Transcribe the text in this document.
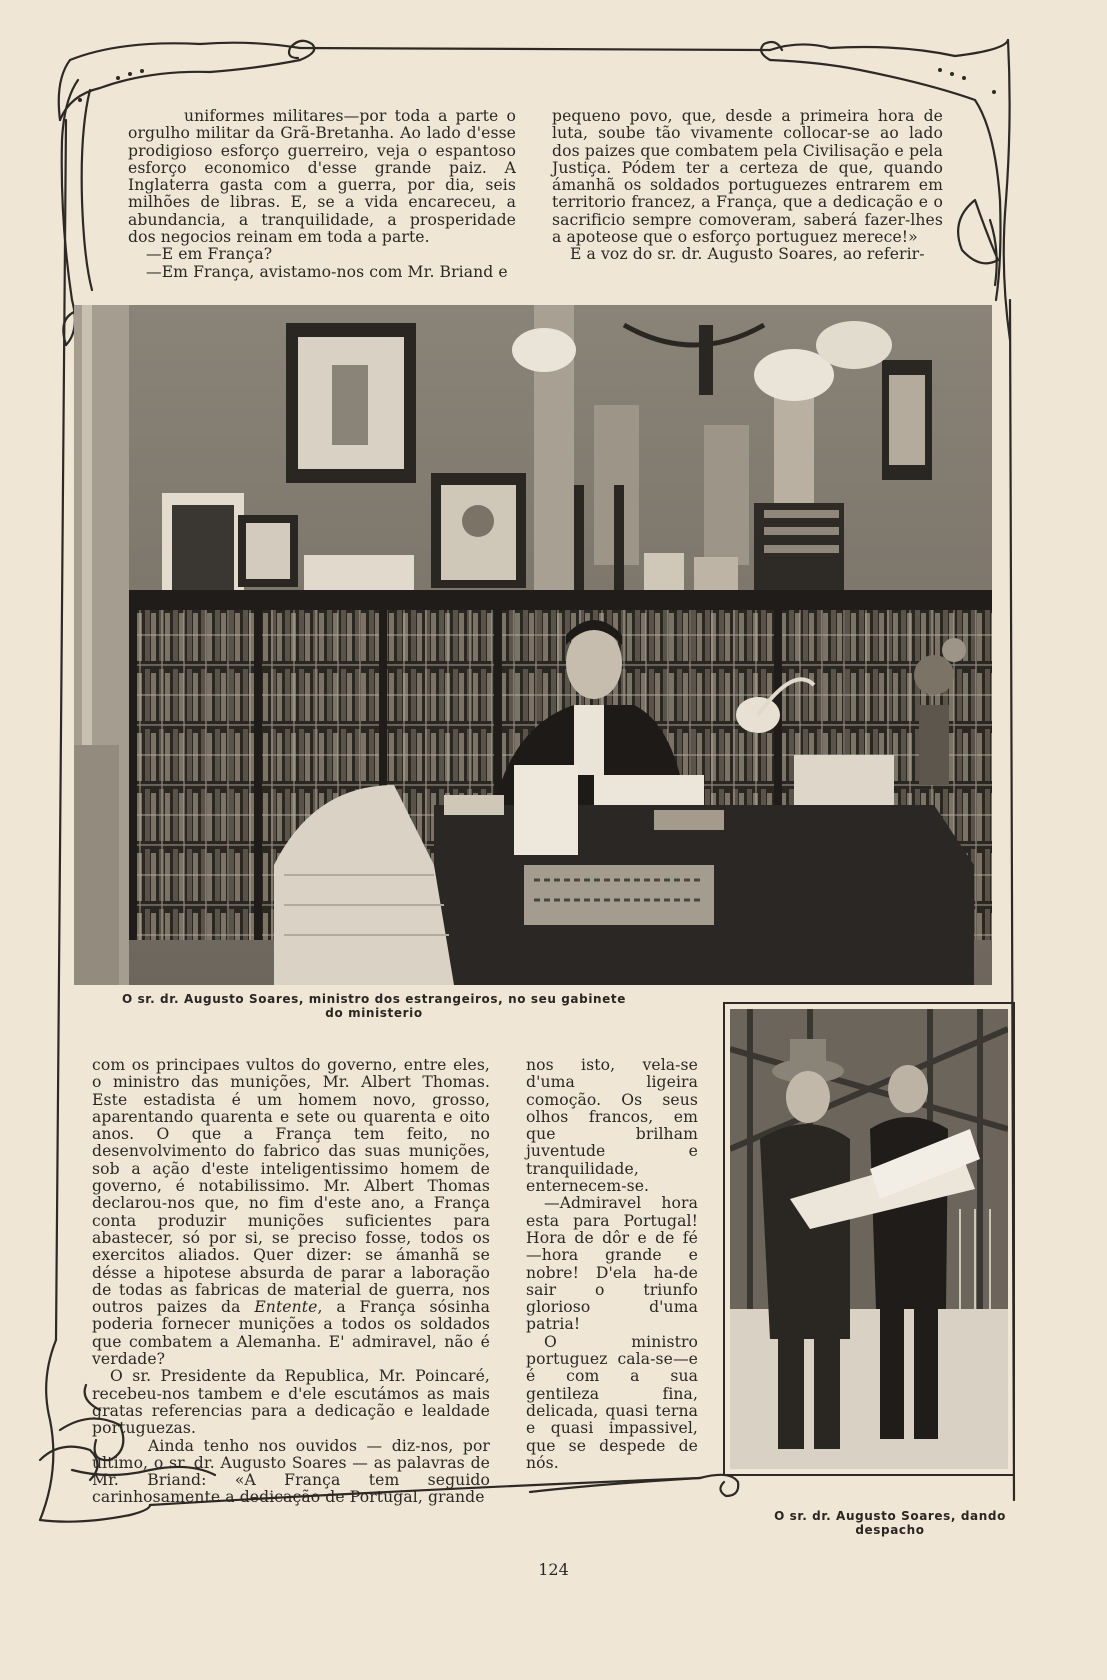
uniformes militares—por toda a parte o orgulho militar da Grã-Bretanha. Ao lado d'esse prodigioso esforço guerreiro, veja o espantoso esforço economico d'esse grande paiz. A Inglaterra gasta com a guerra, por dia, seis milhões de libras. E, se a vida encareceu, a abundancia, a tranquilidade, a prosperidade dos negocios reinam em toda a parte.

—E em França?

—Em França, avistamo-nos com Mr. Briand e

pequeno povo, que, desde a primeira hora de luta, soube tão vivamente collocar-se ao lado dos paizes que combatem pela Civilisação e pela Justiça. Pódem ter a certeza de que, quando ámanhã os soldados portuguezes entrarem em territorio francez, a França, que a dedicação e o sacrificio sempre comoveram, saberá fazer-lhes a apoteose que o esforço portuguez merece!»

E a voz do sr. dr. Augusto Soares, ao referir-

O sr. dr. Augusto Soares, ministro dos estrangeiros, no seu gabinete
do ministerio

com os principaes vultos do governo, entre eles, o ministro das munições, Mr. Albert Thomas. Este estadista é um homem novo, grosso, aparentando quarenta e sete ou quarenta e oito anos. O que a França tem feito, no desenvolvimento do fabrico das suas munições, sob a ação d'este inteligentissimo homem de governo, é notabilissimo. Mr. Albert Thomas declarou-nos que, no fim d'este ano, a França conta produzir munições suficientes para abastecer, só por si, se preciso fosse, todos os exercitos aliados. Quer dizer: se ámanhã se désse a hipotese absurda de parar a laboração de todas as fabricas de material de guerra, nos outros paizes da Entente, a França sósinha poderia fornecer munições a todos os soldados que combatem a Alemanha. E' admiravel, não é verdade?

O sr. Presidente da Republica, Mr. Poincaré, recebeu-nos tambem e d'ele escutámos as mais gratas referencias para a dedicação e lealdade portuguezas.

Ainda tenho nos ouvidos — diz-nos, por ultimo, o sr. dr. Augusto Soares — as palavras de Mr. Briand: «A França tem seguido carinhosamente a dedicação de Portugal, grande

nos isto, vela-se d'uma ligeira comoção. Os seus olhos francos, em que brilham juventude e tranquilidade, enternecem-se.

—Admiravel hora esta para Portugal! Hora de dôr e de fé —hora grande e nobre! D'ela ha-de sair o triunfo glorioso d'uma patria!

O ministro portuguez cala-se—e é com a sua gentileza fina, delicada, quasi terna e quasi impassivel, que se despede de nós.

O sr. dr. Augusto Soares, dando
despacho
124
